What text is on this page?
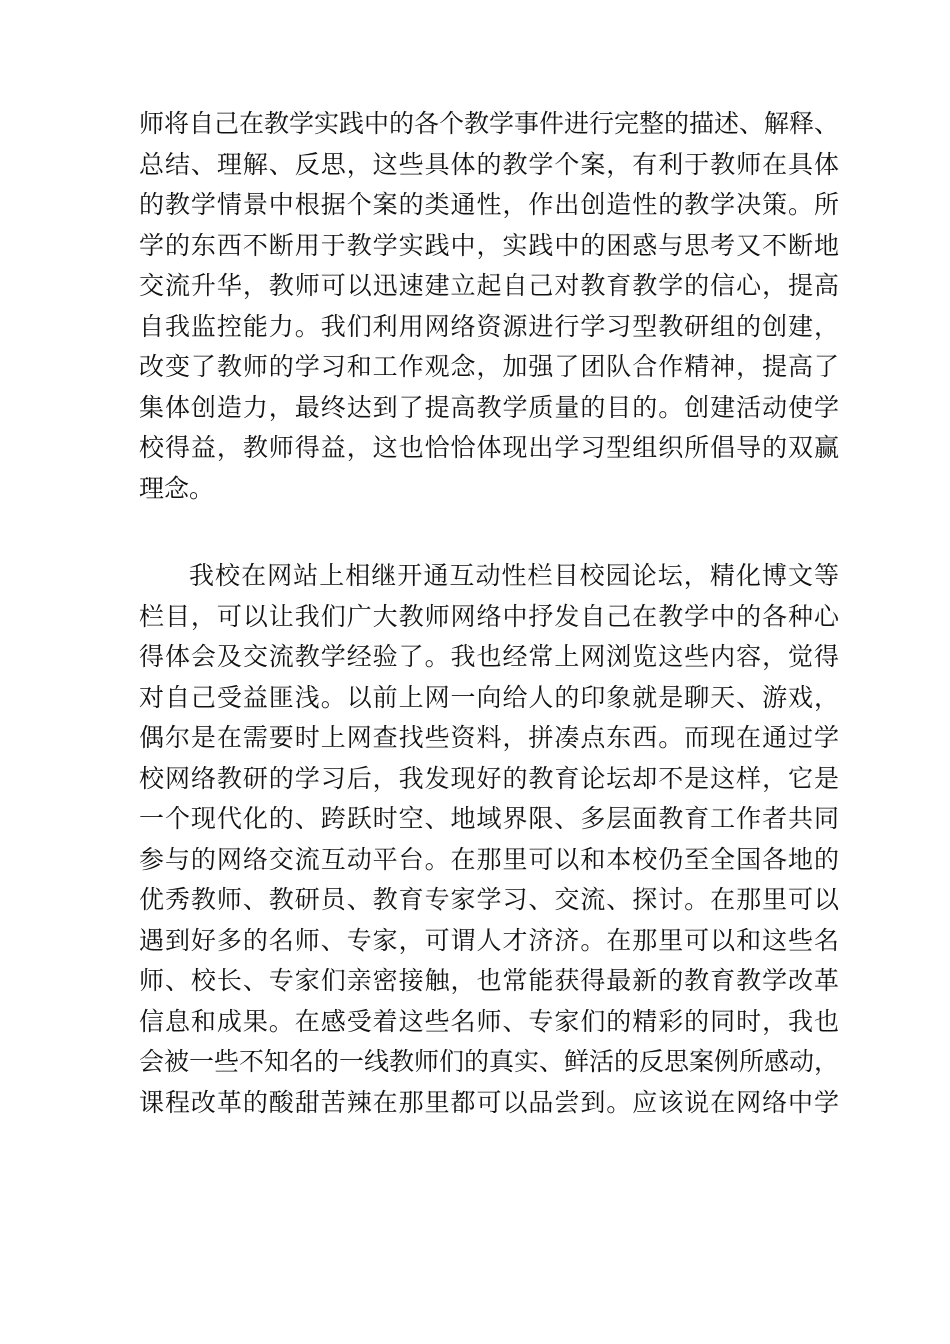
师将自己在教学实践中的各个教学事件进行完整的描述、解释、
总结、理解、反思，这些具体的教学个案，有利于教师在具体
的教学情景中根据个案的类通性，作出创造性的教学决策。所
学的东西不断用于教学实践中，实践中的困惑与思考又不断地
交流升华，教师可以迅速建立起自己对教育教学的信心，提高
自我监控能力。我们利用网络资源进行学习型教研组的创建，
改变了教师的学习和工作观念，加强了团队合作精神，提高了
集体创造力，最终达到了提高教学质量的目的。创建活动使学
校得益，教师得益，这也恰恰体现出学习型组织所倡导的双赢
理念。
我校在网站上相继开通互动性栏目校园论坛，精化博文等
栏目，可以让我们广大教师网络中抒发自己在教学中的各种心
得体会及交流教学经验了。我也经常上网浏览这些内容，觉得
对自己受益匪浅。以前上网一向给人的印象就是聊天、游戏，
偶尔是在需要时上网查找些资料，拼凑点东西。而现在通过学
校网络教研的学习后，我发现好的教育论坛却不是这样，它是
一个现代化的、跨跃时空、地域界限、多层面教育工作者共同
参与的网络交流互动平台。在那里可以和本校仍至全国各地的
优秀教师、教研员、教育专家学习、交流、探讨。在那里可以
遇到好多的名师、专家，可谓人才济济。在那里可以和这些名
师、校长、专家们亲密接触，也常能获得最新的教育教学改革
信息和成果。在感受着这些名师、专家们的精彩的同时，我也
会被一些不知名的一线教师们的真实、鲜活的反思案例所感动，
课程改革的酸甜苦辣在那里都可以品尝到。应该说在网络中学
